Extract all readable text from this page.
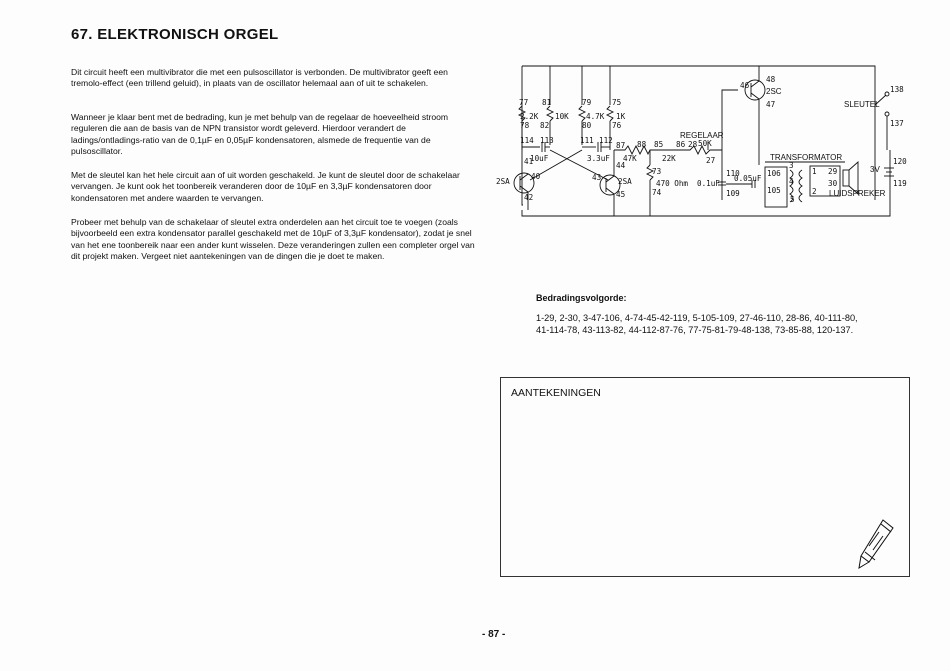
67. ELEKTRONISCH ORGEL
Dit circuit heeft een multivibrator die met een pulsoscillator is verbonden. De multivibrator geeft een tremolo-effect (een trillend geluid), in plaats van de oscillator helemaal aan of uit te schakelen.
Wanneer je klaar bent met de bedrading, kun je met behulp van de regelaar de hoeveelheid stroom reguleren die aan de basis van de NPN transistor wordt geleverd. Hierdoor verandert de ladings/ontladings-ratio van de 0,1µF en 0,05µF kondensatoren, alsmede de frequentie van de pulsoscillator.
Met de sleutel kan het hele circuit aan of uit worden geschakeld. Je kunt de sleutel door de schakelaar vervangen. Je kunt ook het toonbereik veranderen door de 10µF en 3,3µF kondensatoren door kondensatoren met andere waarden te vervangen.
Probeer met behulp van de schakelaar of sleutel extra onderdelen aan het circuit toe te voegen (zoals bijvoorbeeld een extra kondensator parallel geschakeld met de 10µF of 3,3µF kondensator), zodat je snel van het ene toonbereik naar een ander kunt wisselen. Deze veranderingen zullen een completer orgel van dit projekt maken. Vergeet niet aantekeningen van de dingen die je doet te maken.
2SA	2SA
2SC
2.2K 10K 4.7K 1K
10uF	3.3uF 47K	22K
470 Ohm 0.1uF
0.05uF
REGELAAR
50K
SLEUTEL
TRANSFORMATOR
LUIDSPREKER
3V
77
78
81
82
79
80
75
76
114 113	111 112
41
40
42
43
44
45
87 88 85 86 28
73
74
27
110
109
46
48
47
138
137
106
105
3
4
5
1
2
29
30
120
119
Bedradingsvolgorde:
1-29, 2-30, 3-47-106, 4-74-45-42-119, 5-105-109, 27-46-110, 28-86, 40-111-80, 41-114-78, 43-113-82, 44-112-87-76, 77-75-81-79-48-138, 73-85-88, 120-137.
AANTEKENINGEN
- 87 -
